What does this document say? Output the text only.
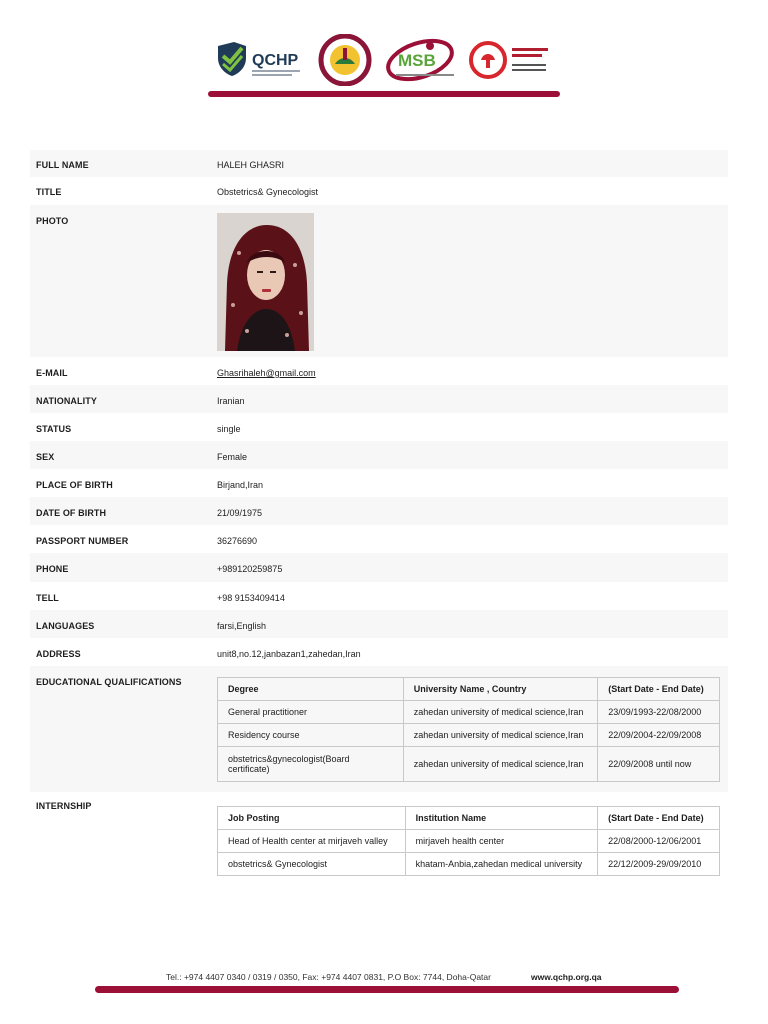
QCHP	MSB
FULL NAME	HALEH GHASRI
TITLE	Obstetrics& Gynecologist
PHOTO
E-MAIL	Ghasrihaleh@gmail.com
NATIONALITY	Iranian
STATUS	single
SEX	Female
PLACE OF BIRTH	Birjand,Iran
DATE OF BIRTH	21/09/1975
PASSPORT NUMBER	36276690
PHONE	+989120259875
TELL	+98 9153409414
LANGUAGES	farsi,English
ADDRESS	unit8,no.12,janbazan1,zahedan,Iran
EDUCATIONAL QUALIFICATIONS
INTERNSHIP
Degree	University Name , Country	(Start Date - End Date)
General practitioner	zahedan university of medical science,Iran	23/09/1993-22/08/2000
Residency course	zahedan university of medical science,Iran	22/09/2004-22/09/2008
obstetrics&gynecologist(Board certificate)	zahedan university of medical science,Iran	22/09/2008 until now
Job Posting	Institution Name	(Start Date - End Date)
Head of Health center at mirjaveh valley	mirjaveh health center	22/08/2000-12/06/2001
obstetrics& Gynecologist	khatam-Anbia,zahedan medical university	22/12/2009-29/09/2010
Tel.: +974 4407 0340 / 0319 / 0350, Fax: +974 4407 0831, P.O Box: 7744, Doha-Qatar	www.qchp.org.qa
